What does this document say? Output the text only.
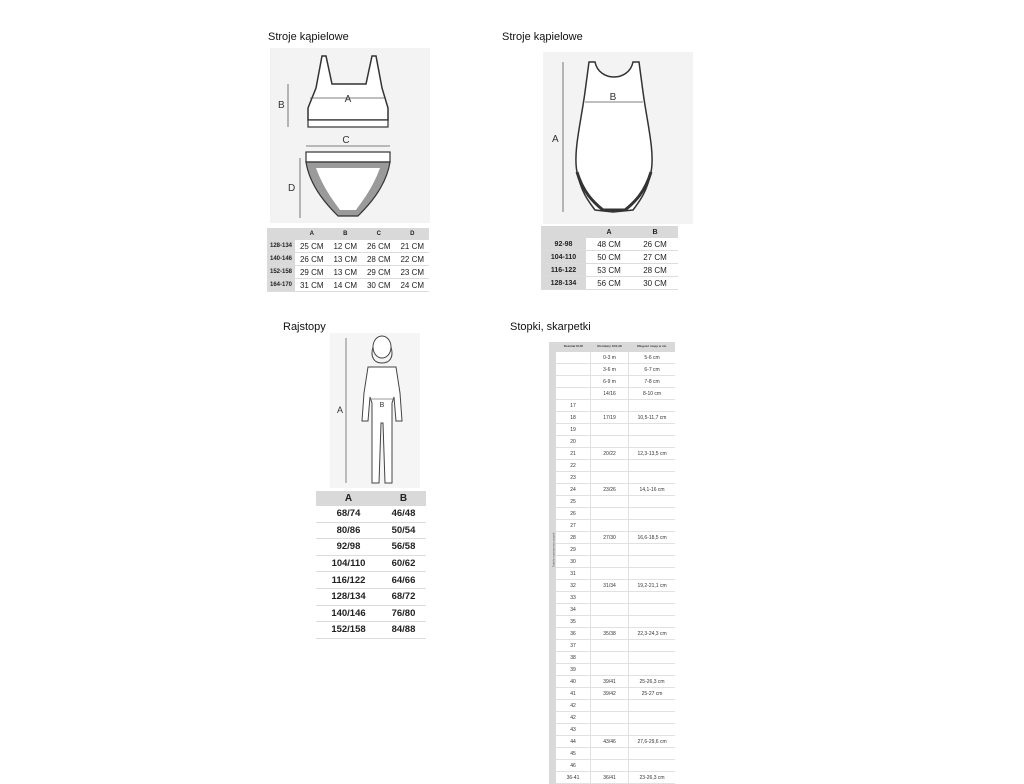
Stroje kąpielowe
A
B
C
D
	A	B	C	D
128-134	25 CM	12 CM	26 CM	21 CM
140-146	26 CM	13 CM	28 CM	22 CM
152-158	29 CM	13 CM	29 CM	23 CM
164-170	31 CM	14 CM	30 CM	24 CM
Stroje kąpielowe
B
A
	A	B
92-98	48 CM	26 CM
104-110	50 CM	27 CM
116-122	53 CM	28 CM
128-134	56 CM	30 CM
Rajstopy
B
A
A	B
68/74	46/48
80/86	50/54
92/98	56/58
104/110	60/62
116/122	64/66
128/134	68/72
140/146	76/80
152/158	84/88
Stopki, skarpetki
	Rozmiar EUR	Rozmiary 10/1,08	Długość stopy w cm
		0-3 m	5-6 cm
		3-6 m	6-7 cm
		6-9 m	7-8 cm
		14/16	8-10 cm
	17		
	18	17/19	10,5-11,7 cm
	19		
	20		
	21	20/22	12,3-13,5 cm
	22		
	23		
	24	23/26	14,1-16 cm
	25		
	26		
	27		
	28	27/30	16,6-18,5 cm
	29		
	30		
	31		
	32	31/34	19,2-21,1 cm
	33		
	34		
	35		
	36	35/38	22,3-24,3 cm
	37		
	38		
	39		
	40	39/41	25-26,3 cm
	41	39/42	25-27 cm
	42		
	42		
	43		
	44	43/46	27,6-29,6 cm
	45		
	46		
	36-41	36/41	23-26,3 cm
Tabela rozmiarowa stopek
